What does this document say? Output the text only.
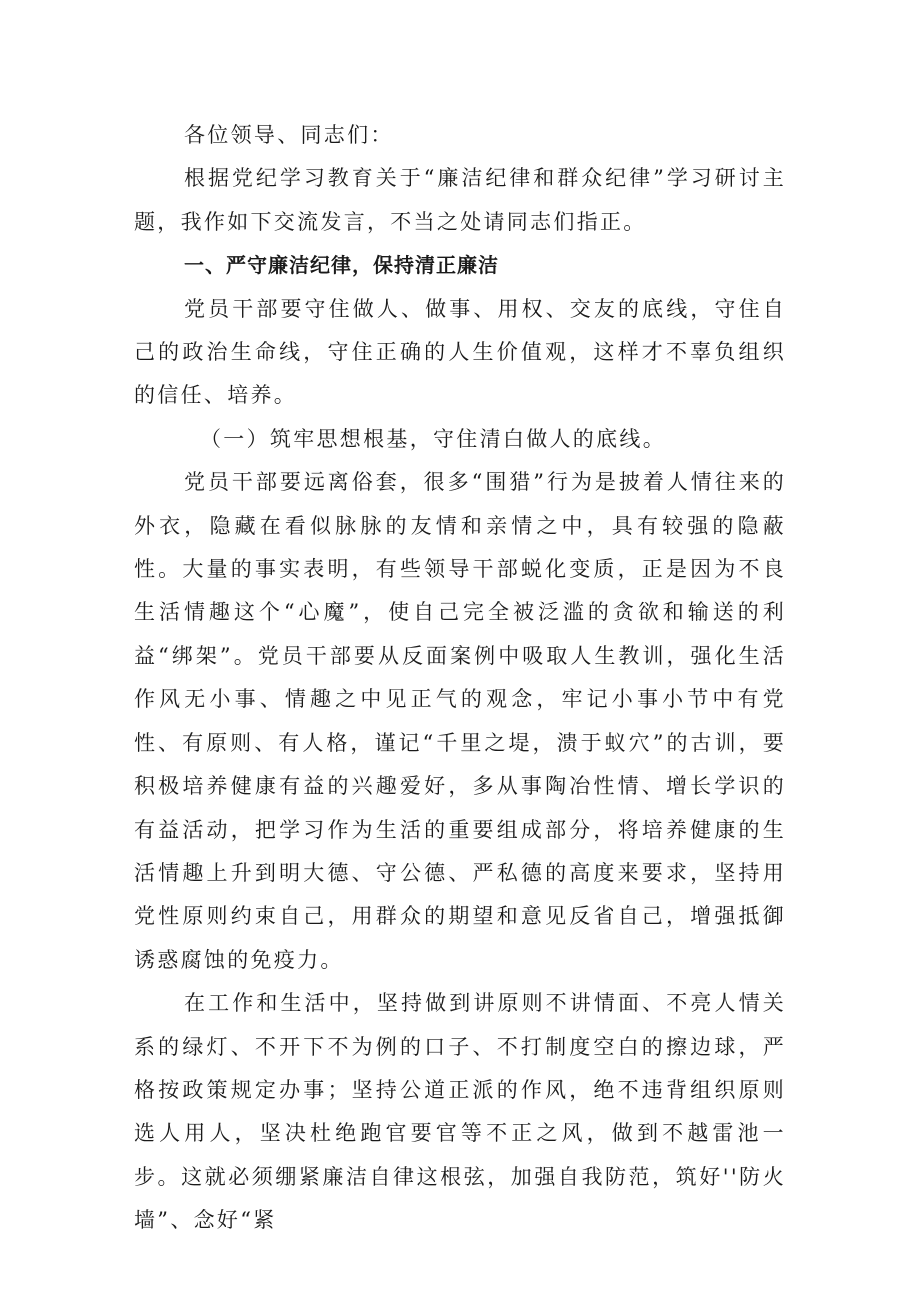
各位领导、同志们：

根据党纪学习教育关于“廉洁纪律和群众纪律”学习研讨主题，我作如下交流发言，不当之处请同志们指正。

一、严守廉洁纪律，保持清正廉洁

党员干部要守住做人、做事、用权、交友的底线，守住自己的政治生命线，守住正确的人生价值观，这样才不辜负组织的信任、培养。

（一）筑牢思想根基，守住清白做人的底线。

党员干部要远离俗套，很多“围猎”行为是披着人情往来的外衣，隐藏在看似脉脉的友情和亲情之中，具有较强的隐蔽性。大量的事实表明，有些领导干部蜕化变质，正是因为不良生活情趣这个“心魔”，使自己完全被泛滥的贪欲和输送的利益“绑架”。党员干部要从反面案例中吸取人生教训，强化生活作风无小事、情趣之中见正气的观念，牢记小事小节中有党性、有原则、有人格，谨记“千里之堤，溃于蚁穴”的古训，要积极培养健康有益的兴趣爱好，多从事陶冶性情、增长学识的有益活动，把学习作为生活的重要组成部分，将培养健康的生活情趣上升到明大德、守公德、严私德的高度来要求，坚持用党性原则约束自己，用群众的期望和意见反省自己，增强抵御诱惑腐蚀的免疫力。

在工作和生活中，坚持做到讲原则不讲情面、不亮人情关系的绿灯、不开下不为例的口子、不打制度空白的擦边球，严格按政策规定办事；坚持公道正派的作风，绝不违背组织原则选人用人，坚决杜绝跑官要官等不正之风，做到不越雷池一步。这就必须绷紧廉洁自律这根弦，加强自我防范，筑好''防火墙”、念好“紧
